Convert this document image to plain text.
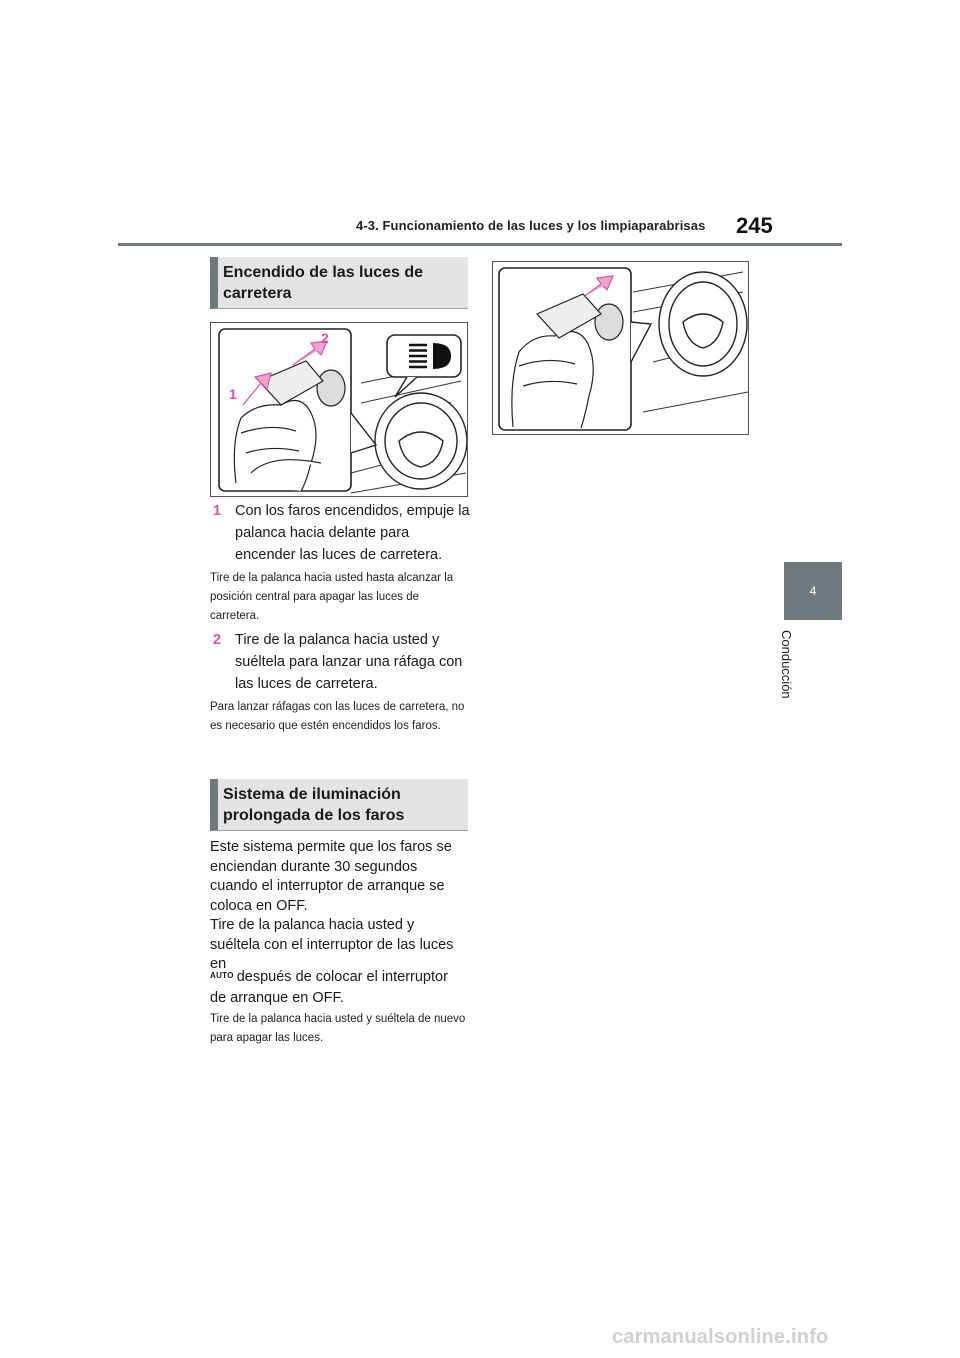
4-3. Funcionamiento de las luces y los limpiaparabrisas 245
4
Conducción
Encendido de las luces de carretera
1
2
1 Con los faros encendidos, empuje la palanca hacia delante para encender las luces de carretera.
Tire de la palanca hacia usted hasta alcanzar la posición central para apagar las luces de carretera.
2 Tire de la palanca hacia usted y suéltela para lanzar una ráfaga con las luces de carretera.
Para lanzar ráfagas con las luces de carretera, no es necesario que estén encendidos los faros.
Sistema de iluminación prolongada de los faros
Este sistema permite que los faros se enciendan durante 30 segundos cuando el interruptor de arranque se coloca en OFF.
Tire de la palanca hacia usted y suéltela con el interruptor de las luces en
AUTO después de colocar el interruptor de arranque en OFF.
Tire de la palanca hacia usted y suéltela de nuevo para apagar las luces.
carmanualsonline.info
